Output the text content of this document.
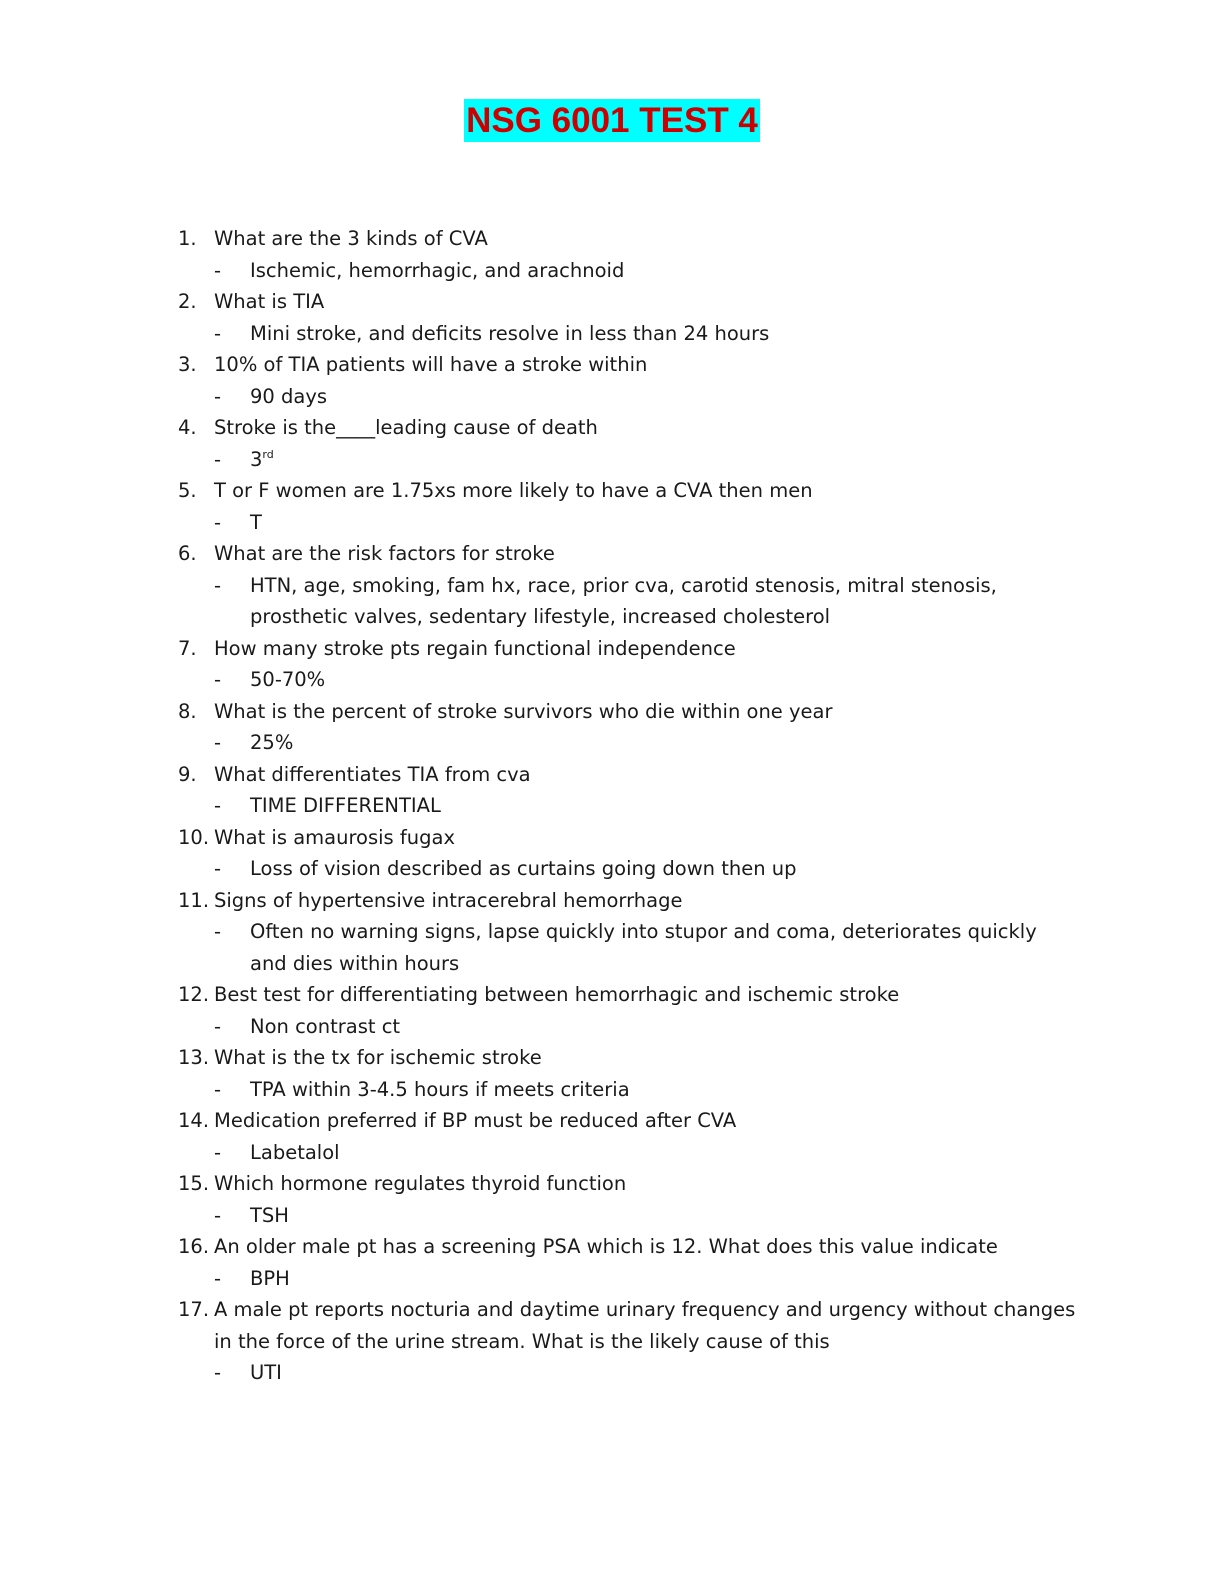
NSG 6001 TEST 4
1. What are the 3 kinds of CVA
-	Ischemic, hemorrhagic, and arachnoid
2. What is TIA
-	Mini stroke, and deficits resolve in less than 24 hours
3. 10% of TIA patients will have a stroke within
-	90 days
4. Stroke is the____leading cause of death
-	3rd
5. T or F women are 1.75xs more likely to have a CVA then men
-	T
6. What are the risk factors for stroke
-	HTN, age, smoking, fam hx, race, prior cva, carotid stenosis, mitral stenosis, prosthetic valves, sedentary lifestyle, increased cholesterol
7. How many stroke pts regain functional independence
-	50-70%
8. What is the percent of stroke survivors who die within one year
-	25%
9. What differentiates TIA from cva
-	TIME DIFFERENTIAL
10. What is amaurosis fugax
-	Loss of vision described as curtains going down then up
11. Signs of hypertensive intracerebral hemorrhage
-	Often no warning signs, lapse quickly into stupor and coma, deteriorates quickly and dies within hours
12. Best test for differentiating between hemorrhagic and ischemic stroke
-	Non contrast ct
13. What is the tx for ischemic stroke
-	TPA within 3-4.5 hours if meets criteria
14. Medication preferred if BP must be reduced after CVA
-	Labetalol
15. Which hormone regulates thyroid function
-	TSH
16. An older male pt has a screening PSA which is 12. What does this value indicate
-	BPH
17. A male pt reports nocturia and daytime urinary frequency and urgency without changes in the force of the urine stream. What is the likely cause of this
-	UTI
